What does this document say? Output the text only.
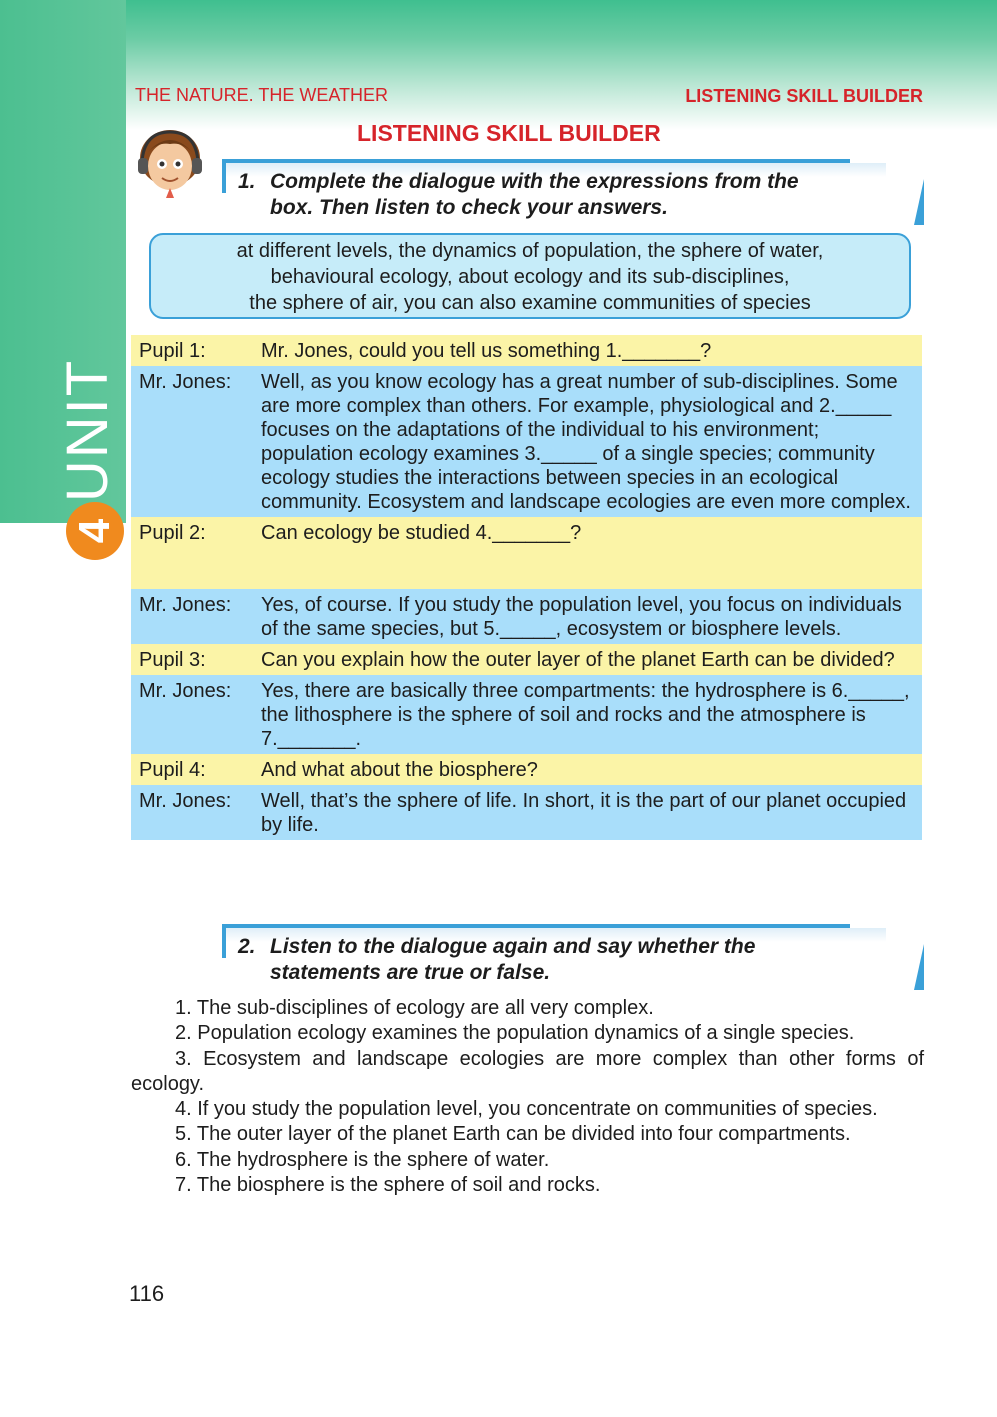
UNIT
4
THE NATURE. THE WEATHER	LISTENING SKILL BUILDER
LISTENING SKILL BUILDER
1. Complete the dialogue with the expressions from the
box. Then listen to check your answers.
at different levels, the dynamics of population, the sphere of water,
behavioural ecology, about ecology and its sub-disciplines,
the sphere of air, you can also examine communities of species
Pupil 1:	Mr. Jones, could you tell us something 1._______?
Mr. Jones:	Well, as you know ecology has a great number of sub-disciplines. Some are more complex than others. For example, physiological and 2._____ focuses on the adaptations of the individual to his environment; population ecology examines 3._____ of a single species; community ecology studies the interactions between species in an ecological community. Ecosystem and landscape ecologies are even more complex.
Pupil 2:	Can ecology be studied 4._______?
Mr. Jones:	Yes, of course. If you study the population level, you focus on individuals of the same species, but 5._____, ecosystem or biosphere levels.
Pupil 3:	Can you explain how the outer layer of the planet Earth can be divided?
Mr. Jones:	Yes, there are basically three compartments: the hydrosphere is 6._____, the lithosphere is the sphere of soil and rocks and the atmosphere is 7._______.
Pupil 4:	And what about the biosphere?
Mr. Jones:	Well, that’s the sphere of life. In short, it is the part of our planet occupied by life.
2. Listen to the dialogue again and say whether the
statements are true or false.

1. The sub-disciplines of ecology are all very complex.

2. Population ecology examines the population dynamics of a single species.

3. Ecosystem and landscape ecologies are more complex than other forms of ecology.

4. If you study the population level, you concentrate on communities of species.

5. The outer layer of the planet Earth can be divided into four compartments.

6. The hydrosphere is the sphere of water.

7. The biosphere is the sphere of soil and rocks.

116
